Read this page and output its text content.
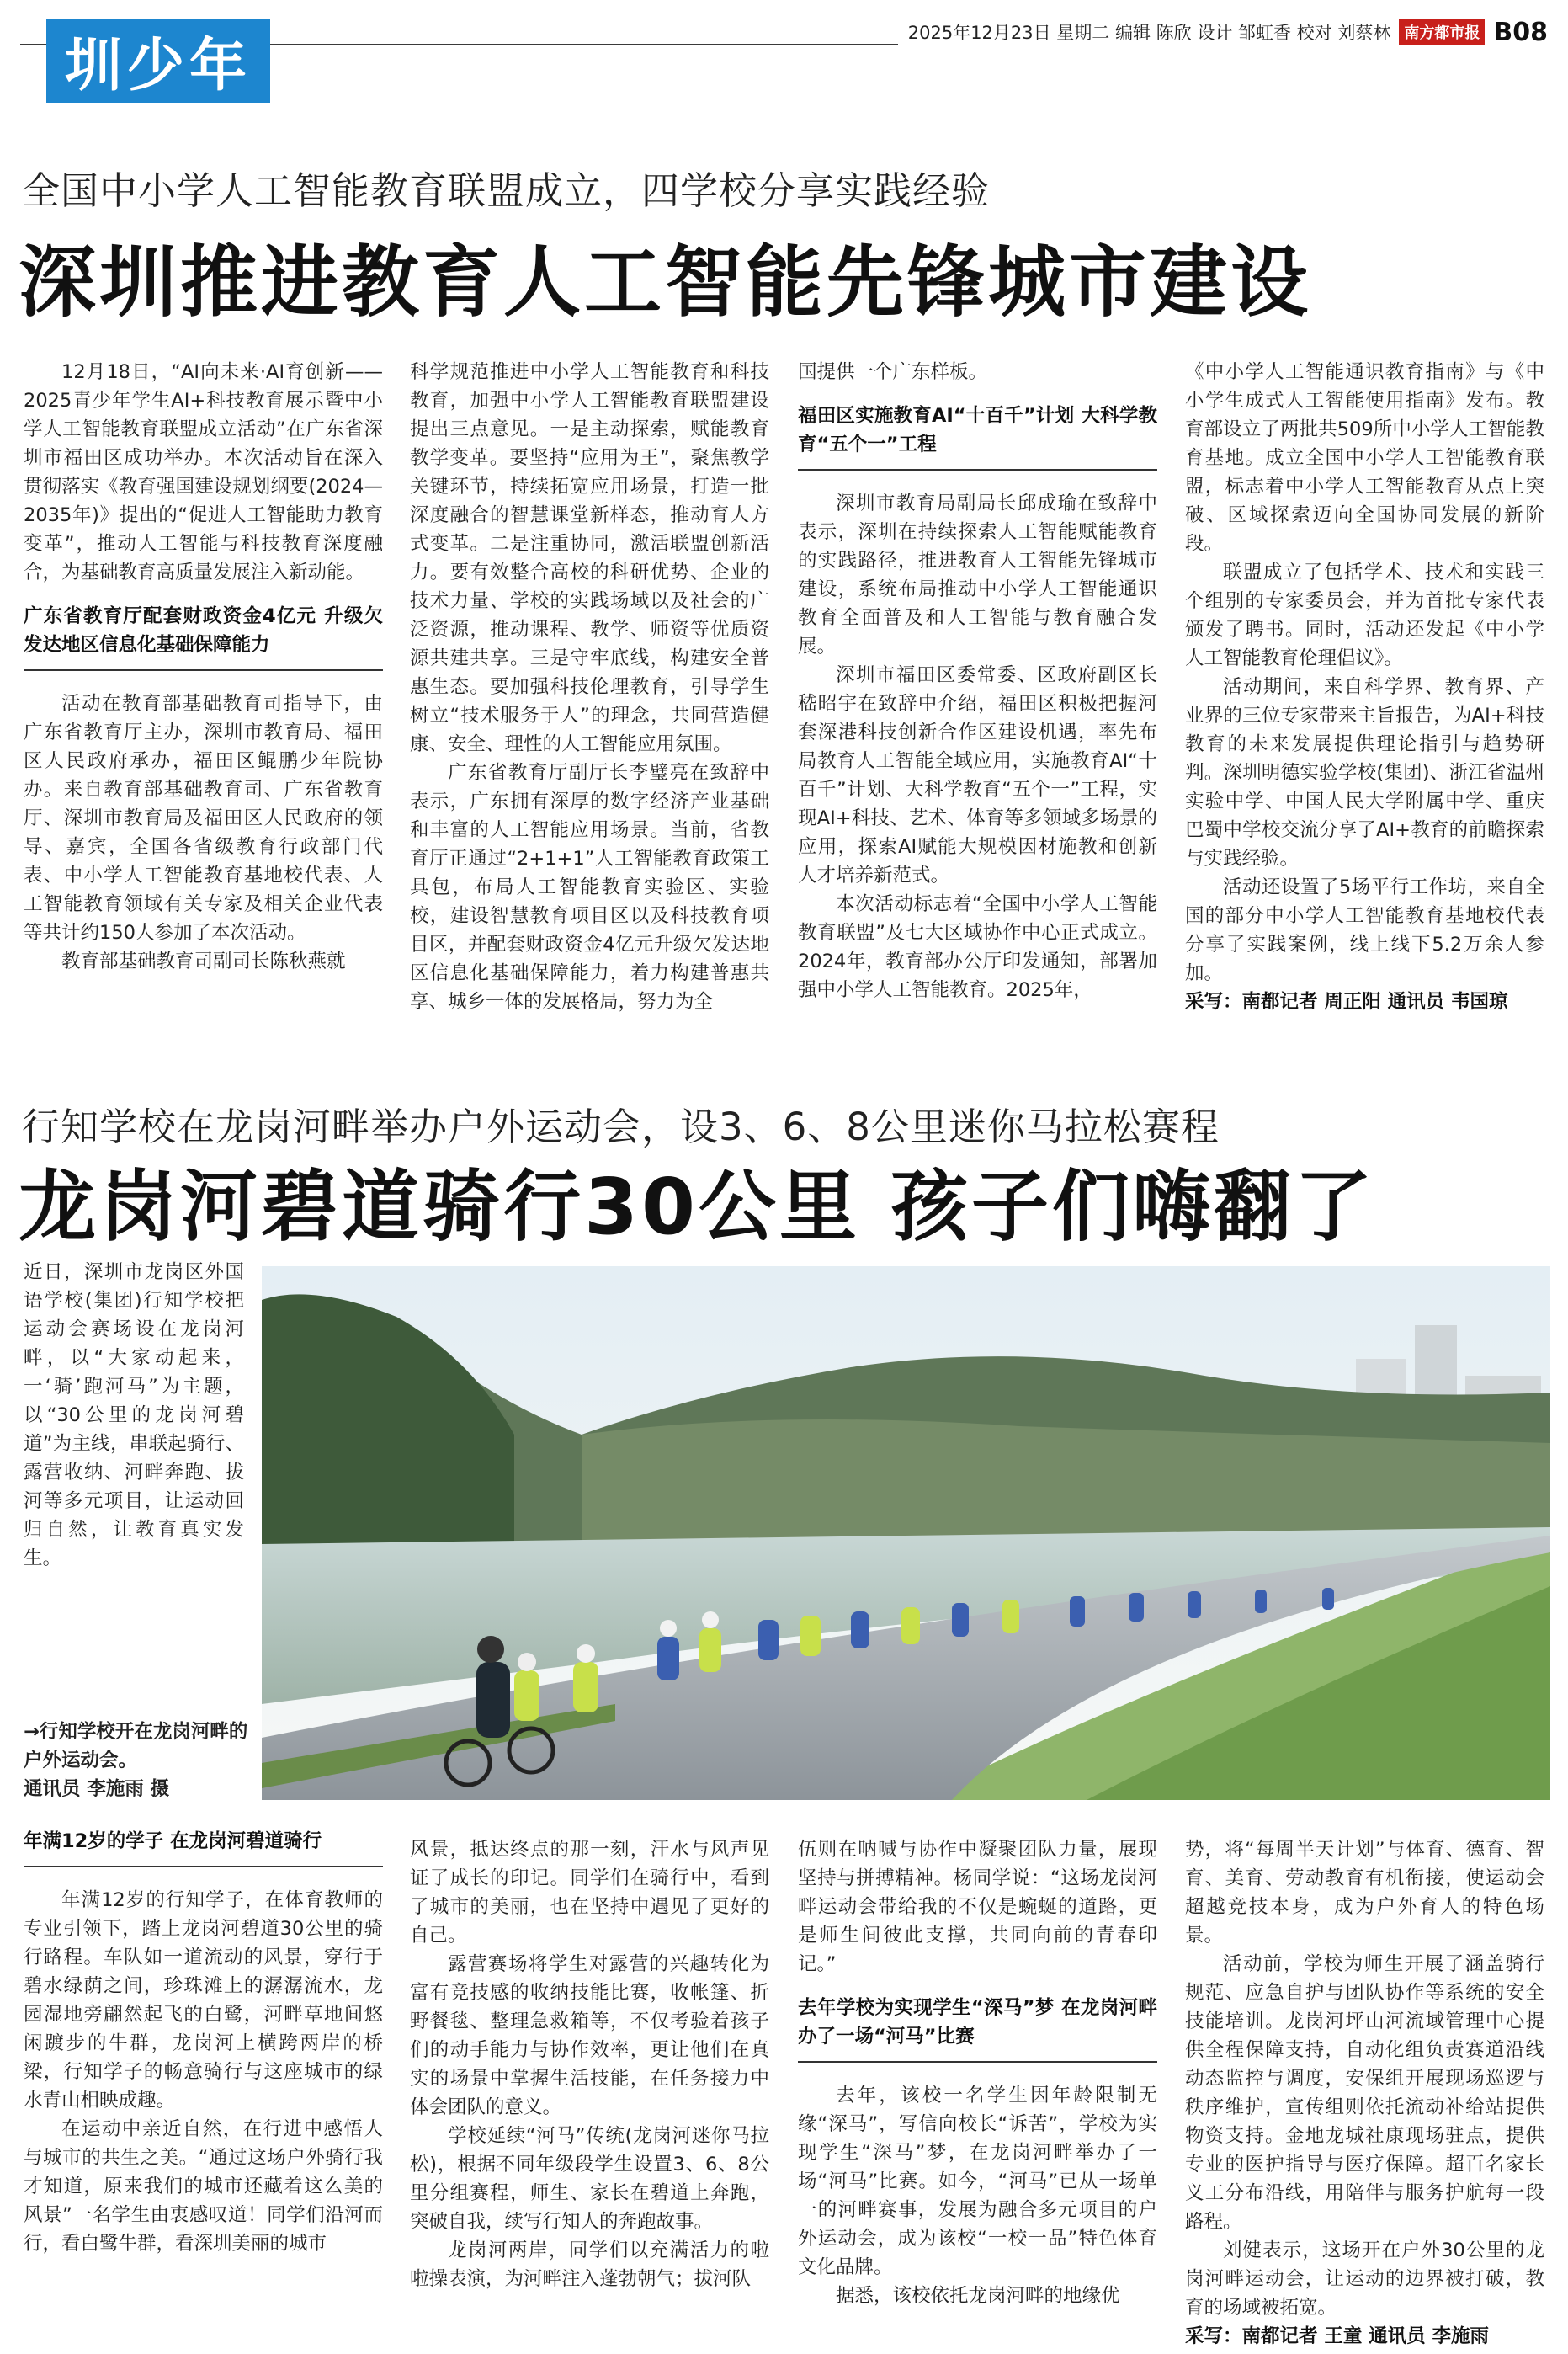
圳少年	2025年12月23日 星期二 编辑 陈欣 设计 邹虹香 校对 刘蔡林 南方都市报 B08
全国中小学人工智能教育联盟成立，四学校分享实践经验
深圳推进教育人工智能先锋城市建设

12月18日，“AI向未来·AI育创新——2025青少年学生AI+科技教育展示暨中小学人工智能教育联盟成立活动”在广东省深圳市福田区成功举办。本次活动旨在深入贯彻落实《教育强国建设规划纲要(2024—2035年)》提出的“促进人工智能助力教育变革”，推动人工智能与科技教育深度融合，为基础教育高质量发展注入新动能。

广东省教育厅配套财政资金4亿元 升级欠发达地区信息化基础保障能力

活动在教育部基础教育司指导下，由广东省教育厅主办，深圳市教育局、福田区人民政府承办，福田区鲲鹏少年院协办。来自教育部基础教育司、广东省教育厅、深圳市教育局及福田区人民政府的领导、嘉宾，全国各省级教育行政部门代表、中小学人工智能教育基地校代表、人工智能教育领域有关专家及相关企业代表等共计约150人参加了本次活动。

教育部基础教育司副司长陈秋燕就

科学规范推进中小学人工智能教育和科技教育，加强中小学人工智能教育联盟建设提出三点意见。一是主动探索，赋能教育教学变革。要坚持“应用为王”，聚焦教学关键环节，持续拓宽应用场景，打造一批深度融合的智慧课堂新样态，推动育人方式变革。二是注重协同，激活联盟创新活力。要有效整合高校的科研优势、企业的技术力量、学校的实践场域以及社会的广泛资源，推动课程、教学、师资等优质资源共建共享。三是守牢底线，构建安全普惠生态。要加强科技伦理教育，引导学生树立“技术服务于人”的理念，共同营造健康、安全、理性的人工智能应用氛围。

广东省教育厅副厅长李璧亮在致辞中表示，广东拥有深厚的数字经济产业基础和丰富的人工智能应用场景。当前，省教育厅正通过“2+1+1”人工智能教育政策工具包，布局人工智能教育实验区、实验校，建设智慧教育项目区以及科技教育项目区，并配套财政资金4亿元升级欠发达地区信息化基础保障能力，着力构建普惠共享、城乡一体的发展格局，努力为全

国提供一个广东样板。

福田区实施教育AI“十百千”计划 大科学教育“五个一”工程

深圳市教育局副局长邱成瑜在致辞中表示，深圳在持续探索人工智能赋能教育的实践路径，推进教育人工智能先锋城市建设，系统布局推动中小学人工智能通识教育全面普及和人工智能与教育融合发展。

深圳市福田区委常委、区政府副区长嵇昭宇在致辞中介绍，福田区积极把握河套深港科技创新合作区建设机遇，率先布局教育人工智能全域应用，实施教育AI“十百千”计划、大科学教育“五个一”工程，实现AI+科技、艺术、体育等多领域多场景的应用，探索AI赋能大规模因材施教和创新人才培养新范式。

本次活动标志着“全国中小学人工智能教育联盟”及七大区域协作中心正式成立。2024年，教育部办公厅印发通知，部署加强中小学人工智能教育。2025年，

《中小学人工智能通识教育指南》与《中小学生成式人工智能使用指南》发布。教育部设立了两批共509所中小学人工智能教育基地。成立全国中小学人工智能教育联盟，标志着中小学人工智能教育从点上突破、区域探索迈向全国协同发展的新阶段。

联盟成立了包括学术、技术和实践三个组别的专家委员会，并为首批专家代表颁发了聘书。同时，活动还发起《中小学人工智能教育伦理倡议》。

活动期间，来自科学界、教育界、产业界的三位专家带来主旨报告，为AI+科技教育的未来发展提供理论指引与趋势研判。深圳明德实验学校(集团)、浙江省温州实验中学、中国人民大学附属中学、重庆巴蜀中学校交流分享了AI+教育的前瞻探索与实践经验。

活动还设置了5场平行工作坊，来自全国的部分中小学人工智能教育基地校代表分享了实践案例，线上线下5.2万余人参加。

采写：南都记者 周正阳 通讯员 韦国琼
行知学校在龙岗河畔举办户外运动会，设3、6、8公里迷你马拉松赛程
龙岗河碧道骑行30公里 孩子们嗨翻了

近日，深圳市龙岗区外国语学校(集团)行知学校把运动会赛场设在龙岗河畔，以“大家动起来，一‘骑’跑河马”为主题，以“30公里的龙岗河碧道”为主线，串联起骑行、露营收纳、河畔奔跑、拔河等多元项目，让运动回归自然，让教育真实发生。

→行知学校开在龙岗河畔的户外运动会。
通讯员 李施雨 摄
年满12岁的学子 在龙岗河碧道骑行

年满12岁的行知学子，在体育教师的专业引领下，踏上龙岗河碧道30公里的骑行路程。车队如一道流动的风景，穿行于碧水绿荫之间，珍珠滩上的潺潺流水，龙园湿地旁翩然起飞的白鹭，河畔草地间悠闲踱步的牛群，龙岗河上横跨两岸的桥梁，行知学子的畅意骑行与这座城市的绿水青山相映成趣。

在运动中亲近自然，在行进中感悟人与城市的共生之美。“通过这场户外骑行我才知道，原来我们的城市还藏着这么美的风景”一名学生由衷感叹道！同学们沿河而行，看白鹭牛群，看深圳美丽的城市

风景，抵达终点的那一刻，汗水与风声见证了成长的印记。同学们在骑行中，看到了城市的美丽，也在坚持中遇见了更好的自己。

露营赛场将学生对露营的兴趣转化为富有竞技感的收纳技能比赛，收帐篷、折野餐毯、整理急救箱等，不仅考验着孩子们的动手能力与协作效率，更让他们在真实的场景中掌握生活技能，在任务接力中体会团队的意义。

学校延续“河马”传统(龙岗河迷你马拉松)，根据不同年级段学生设置3、6、8公里分组赛程，师生、家长在碧道上奔跑，突破自我，续写行知人的奔跑故事。

龙岗河两岸，同学们以充满活力的啦啦操表演，为河畔注入蓬勃朝气；拔河队

伍则在呐喊与协作中凝聚团队力量，展现坚持与拼搏精神。杨同学说：“这场龙岗河畔运动会带给我的不仅是蜿蜒的道路，更是师生间彼此支撑，共同向前的青春印记。”

去年学校为实现学生“深马”梦 在龙岗河畔办了一场“河马”比赛

去年，该校一名学生因年龄限制无缘“深马”，写信向校长“诉苦”，学校为实现学生“深马”梦，在龙岗河畔举办了一场“河马”比赛。如今，“河马”已从一场单一的河畔赛事，发展为融合多元项目的户外运动会，成为该校“一校一品”特色体育文化品牌。

据悉，该校依托龙岗河畔的地缘优

势，将“每周半天计划”与体育、德育、智育、美育、劳动教育有机衔接，使运动会超越竞技本身，成为户外育人的特色场景。

活动前，学校为师生开展了涵盖骑行规范、应急自护与团队协作等系统的安全技能培训。龙岗河坪山河流域管理中心提供全程保障支持，自动化组负责赛道沿线动态监控与调度，安保组开展现场巡逻与秩序维护，宣传组则依托流动补给站提供物资支持。金地龙城社康现场驻点，提供专业的医护指导与医疗保障。超百名家长义工分布沿线，用陪伴与服务护航每一段路程。

刘健表示，这场开在户外30公里的龙岗河畔运动会，让运动的边界被打破，教育的场域被拓宽。

采写：南都记者 王童 通讯员 李施雨
